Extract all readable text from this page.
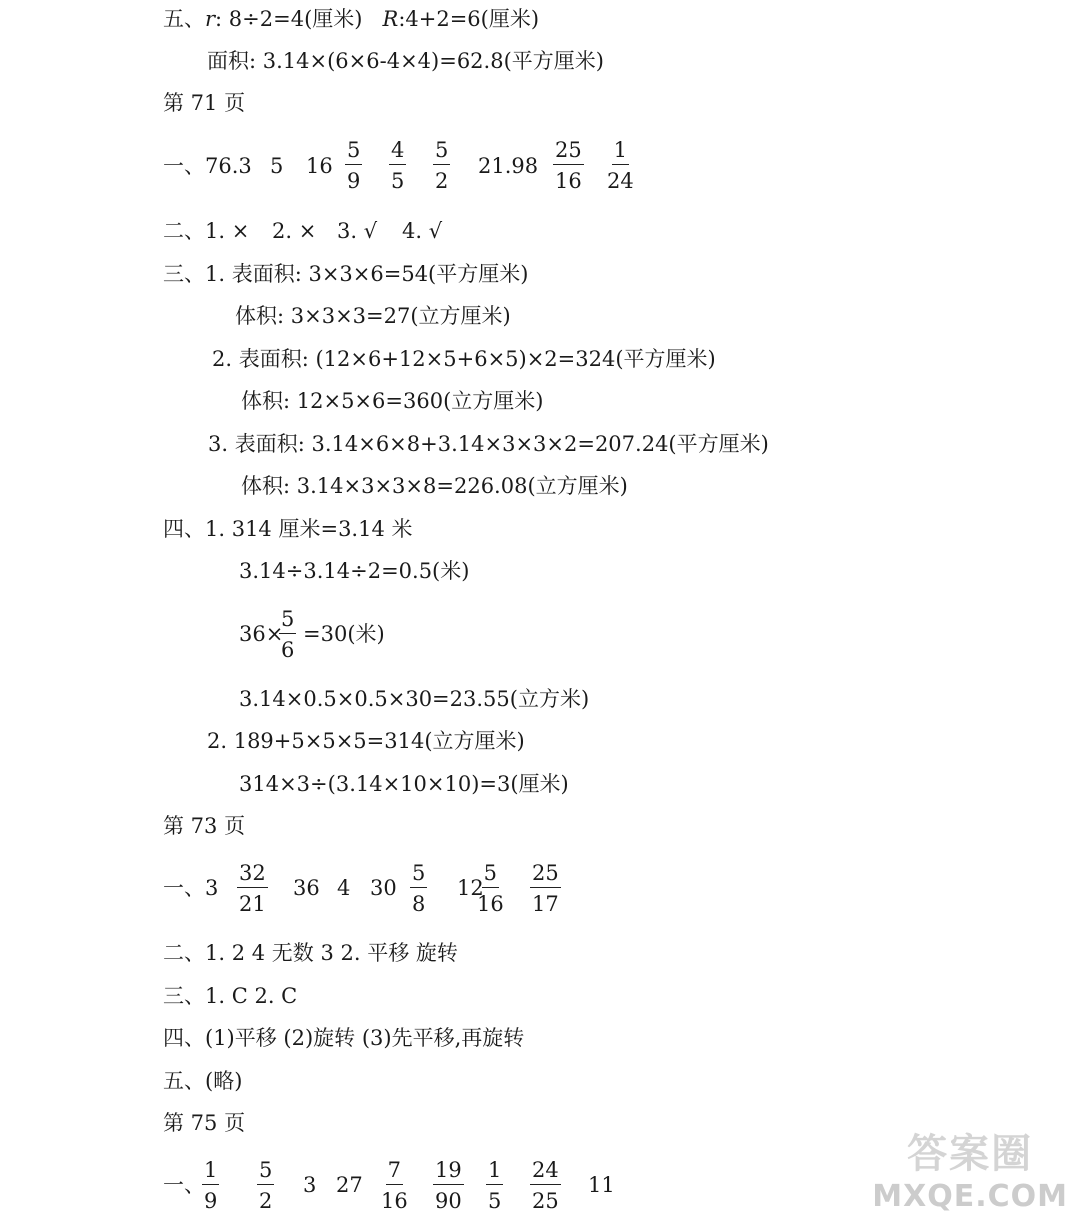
五、r: 8÷2=4(厘米) R:4+2=6(厘米)
面积: 3.14×(6×6-4×4)=62.8(平方厘米)
第 71 页
一、76.3 5 $16 \frac{5}{9} \frac{4}{5} \frac{5}{2} 21.98 \frac{25}{16} \frac{1}{24}$
二、1. × 2. × 3. √ 4. √
三、1. 表面积: 3×3×6=54(平方厘米)
体积: 3×3×3=27(立方厘米)
2. 表面积: (12×6+12×5+6×5)×2=324(平方厘米)
体积: 12×5×6=360(立方厘米)
3. 表面积: 3.14×6×8+3.14×3×3×2=207.24(平方厘米)
体积: 3.14×3×3×8=226.08(立方厘米)
四、1. 314 厘米=3.14 米
3.14÷3.14÷2=0.5(米)
36×
$\frac{5}{6} =30$(米)
3.14×0.5×0.5×30=23.55(立方米)
2. 189+5×5×5=314(立方厘米)
314×3÷(3.14×10×10)=3(厘米)
第 73 页
一、$3 \frac{32}{21} 36$ 4 $30 \frac{5}{8} 12$
$\frac{5}{16} \frac{25}{17}$
二、1. 2 4 无数 3 2. 平移 旋转
三、1. C 2. C
四、(1)平移 (2)旋转 (3)先平移,再旋转
五、(略)
第 75 页
一、
$\frac{1}{9} \frac{5}{2} 3$ $27 \frac{7}{16} \frac{19}{90} \frac{1}{5} \frac{24}{25} 11$
答案圈
MXQE.COM
